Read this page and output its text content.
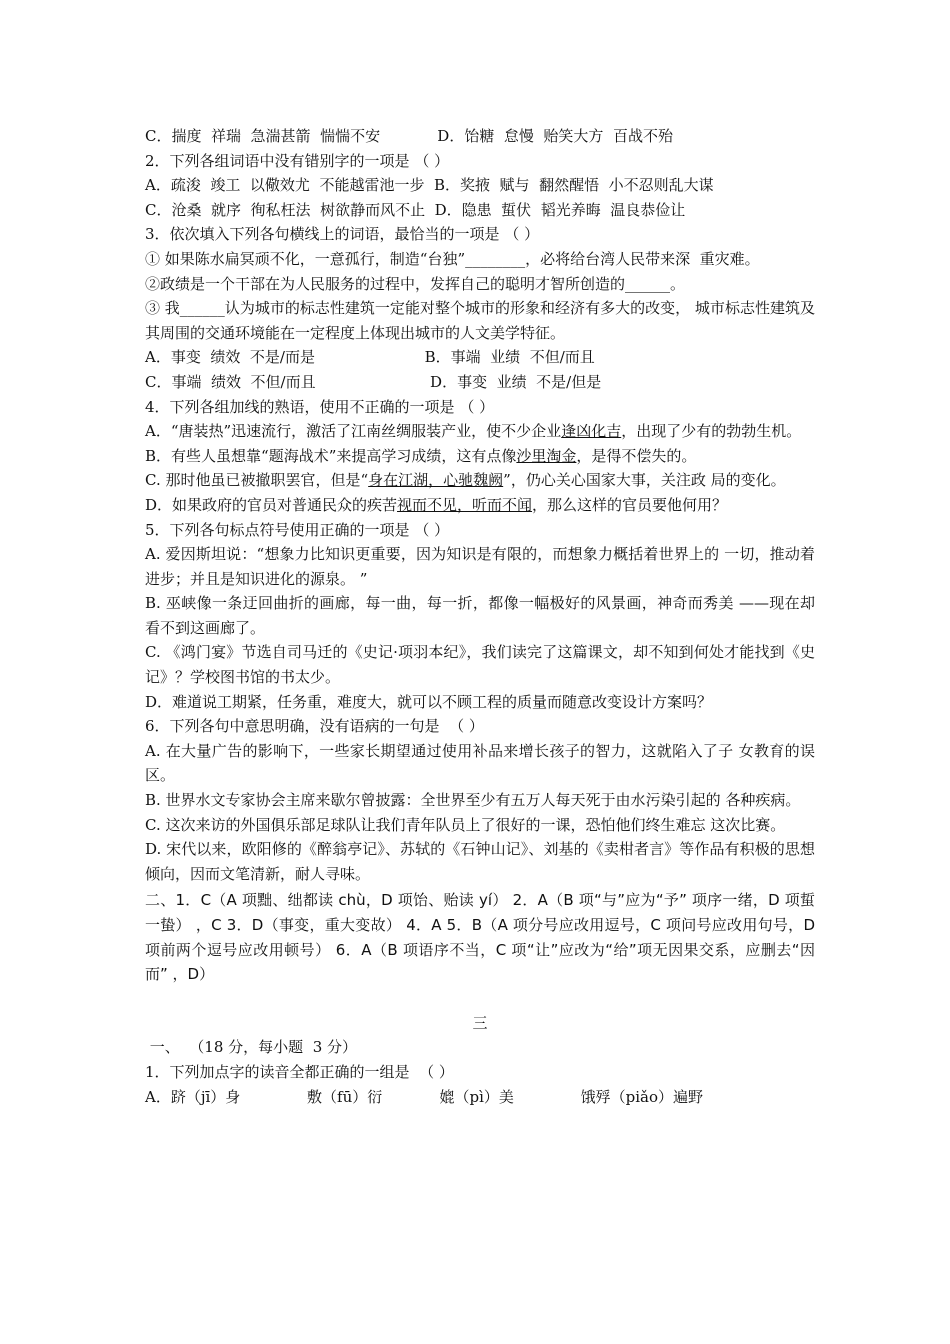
C．揣度  祥瑞  急湍甚箭  惴惴不安            D．饴糖  怠慢  贻笑大方  百战不殆
2．下列各组词语中没有错别字的一项是 （ ）
A．疏浚  竣工  以儆效尤  不能越雷池一步  B．奖掖  赋与  翻然醒悟  小不忍则乱大谋
C．沧桑  就序  徇私枉法  树欲静而风不止  D．隐患  蜇伏  韬光养晦  温良恭俭让
3．依次填入下列各句横线上的词语，最恰当的一项是 （ ）
① 如果陈水扁冥顽不化，一意孤行，制造“台独”________，必将给台湾人民带来深  重灾难。
②政绩是一个干部在为人民服务的过程中，发挥自己的聪明才智所创造的______。
③ 我______认为城市的标志性建筑一定能对整个城市的形象和经济有多大的改变， 城市标志性建筑及其周围的交通环境能在一定程度上体现出城市的人文美学特征。
A．事变  绩效  不是/而是                       B．事端  业绩  不但/而且
C．事端  绩效  不但/而且                        D．事变  业绩  不是/但是
4．下列各组加线的熟语，使用不正确的一项是 （ ）
A．“唐装热”迅速流行，激活了江南丝绸服装产业，使不少企业逢凶化吉，出现了少有的勃勃生机。
B．有些人虽想靠“题海战术”来提高学习成绩，这有点像沙里淘金，是得不偿失的。
C. 那时他虽已被撤职罢官，但是“身在江湖，心驰魏阙”，仍心关心国家大事，关注政 局的变化。
D．如果政府的官员对普通民众的疾苦视而不见，听而不闻，那么这样的官员要他何用？
5．下列各句标点符号使用正确的一项是 （ ）
A. 爱因斯坦说：“想象力比知识更重要，因为知识是有限的，而想象力概括着世界上的 一切，推动着进步；并且是知识进化的源泉。 ”
B. 巫峡像一条迂回曲折的画廊，每一曲，每一折，都像一幅极好的风景画，神奇而秀美 ——现在却看不到这画廊了。
C. 《鸿门宴》节选自司马迁的《史记·项羽本纪》，我们读完了这篇课文，却不知到何处才能找到《史 记》？学校图书馆的书太少。
D．难道说工期紧，任务重，难度大，就可以不顾工程的质量而随意改变设计方案吗？
6．下列各句中意思明确，没有语病的一句是  （ ）
A. 在大量广告的影响下，一些家长期望通过使用补品来增长孩子的智力，这就陷入了子 女教育的误区。
B. 世界水文专家协会主席来歇尔曾披露：全世界至少有五万人每天死于由水污染引起的 各种疾病。
C. 这次来访的外国俱乐部足球队让我们青年队员上了很好的一课，恐怕他们终生难忘 这次比赛。
D. 宋代以来，欧阳修的《醉翁亭记》、苏轼的《石钟山记》、刘基的《卖柑者言》等作品有积极的思想倾向，因而文笔清新，耐人寻味。
二、1．C（A 项黜、绌都读 chù，D 项饴、贻读 yí） 2．A（B 项“与”应为“予” 项序一绪，D 项蜇一蛰） ，C 3．D（事变，重大变故） 4．A 5．B（A 项分号应改用逗号，C 项问号应改用句号，D 项前两个逗号应改用顿号） 6．A（B 项语序不当，C 项“让”应改为“给”项无因果交系，应删去“因而” ，D）
三
一、  （18 分，每小题  3 分）
1．下列加点字的读音全都正确的一组是  （ ）
A．跻（jī）身              敷（fū）衍            媲（pì）美              饿殍（piǎo）遍野
